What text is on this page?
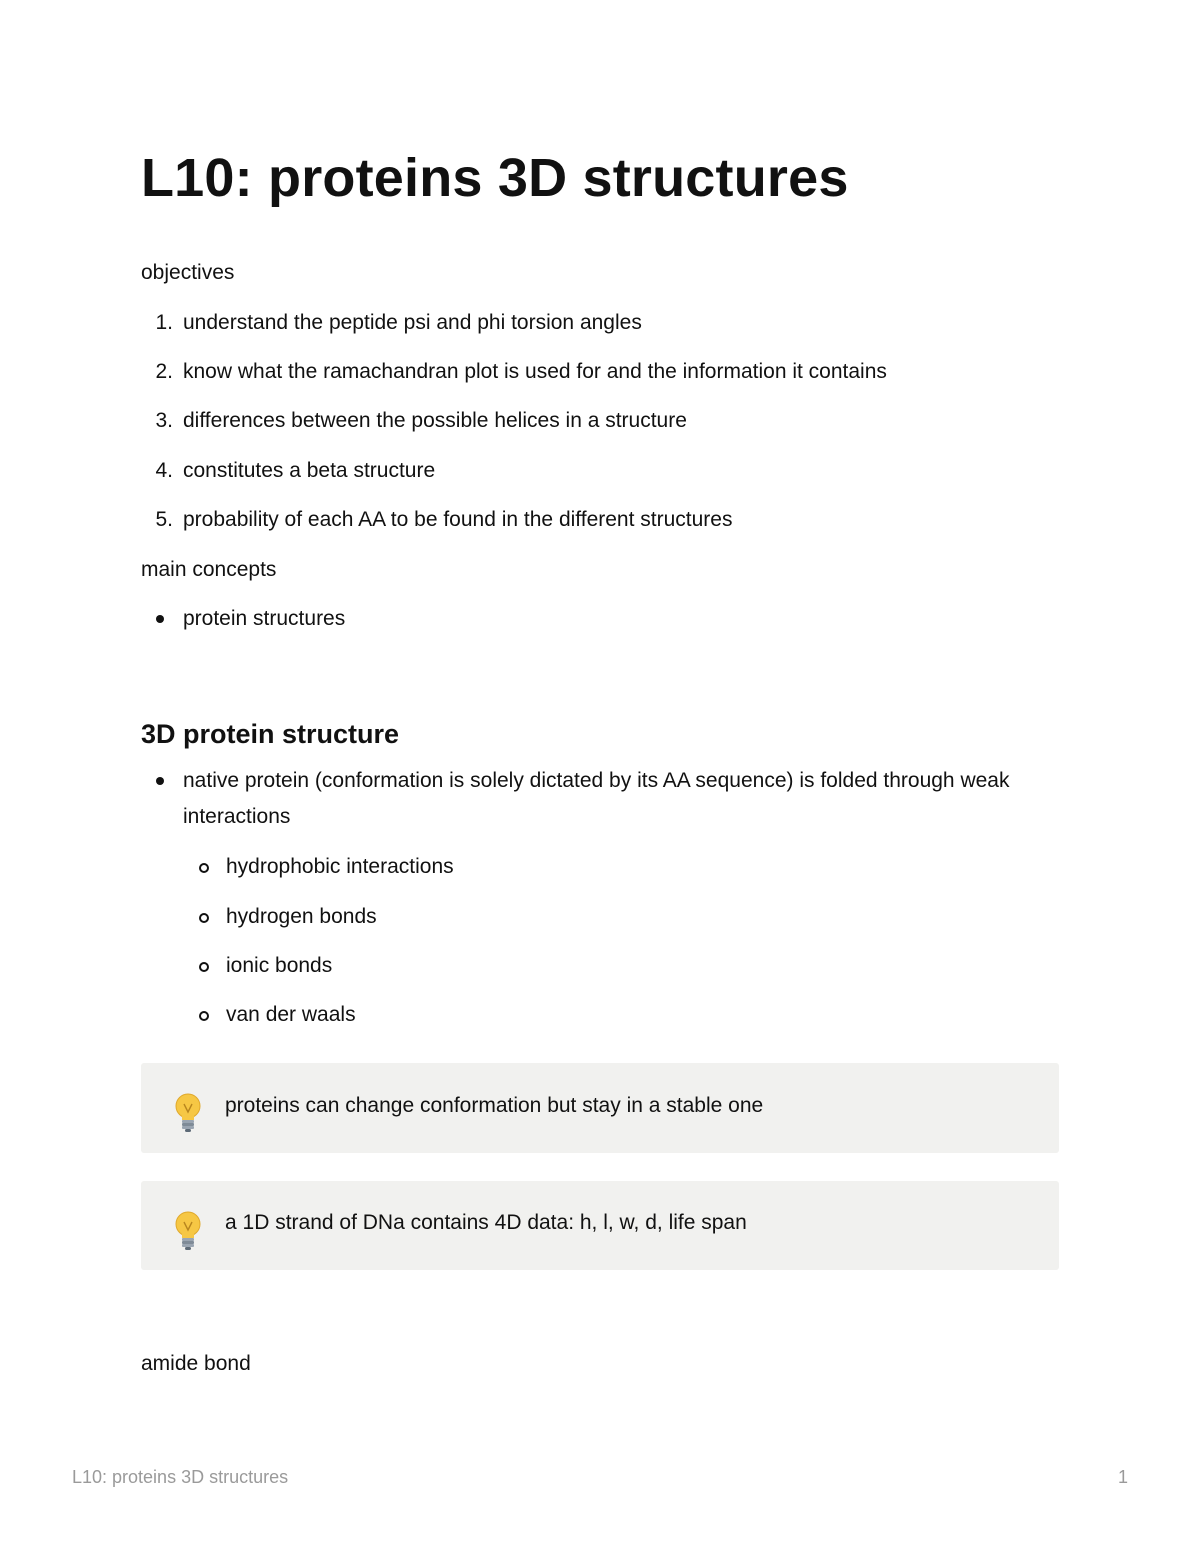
L10: proteins 3D structures

objectives

1. understand the peptide psi and phi torsion angles
2. know what the ramachandran plot is used for and the information it contains
3. differences between the possible helices in a structure
4. constitutes a beta structure
5. probability of each AA to be found in the different structures

main concepts

protein structures
3D protein structure
native protein (conformation is solely dictated by its AA sequence) is folded through weak interactions
hydrophobic interactions
hydrogen bonds
ionic bonds
van der waals
proteins can change conformation but stay in a stable one
a 1D strand of DNa contains 4D data: h, l, w, d, life span

amide bond

L10: proteins 3D structures	1
